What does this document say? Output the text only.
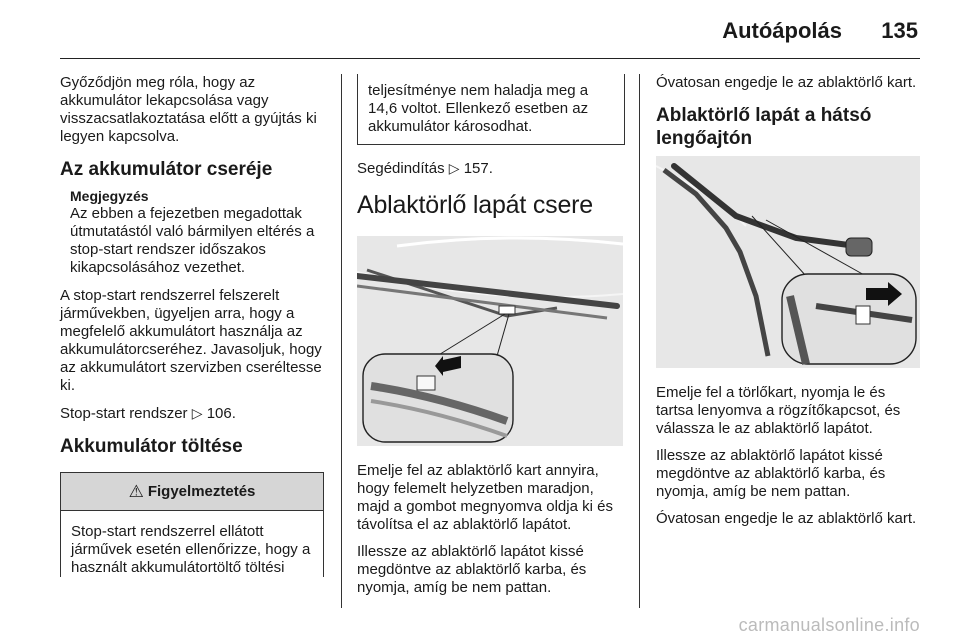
Autóápolás 135

Győződjön meg róla, hogy az akkumulátor lekapcsolása vagy visszacsatlakoztatása előtt a gyújtás ki legyen kapcsolva.

Az akkumulátor cseréje
Megjegyzés

Az ebben a fejezetben megadottak útmutatástól való bármilyen eltérés a stop-start rendszer időszakos kikapcsolásához vezethet.

A stop-start rendszerrel felszerelt járművekben, ügyeljen arra, hogy a megfelelő akkumulátort használja az akkumulátorcseréhez. Javasoljuk, hogy az akkumulátort szervizben cseréltesse ki.

Stop-start rendszer ▷ 106.

Akkumulátor töltése
⚠ Figyelmeztetés

Stop-start rendszerrel ellátott járművek esetén ellenőrizze, hogy a használt akkumulátortöltő töltési

teljesítménye nem haladja meg a 14,6 voltot. Ellenkező esetben az akkumulátor károsodhat.

Segédindítás ▷ 157.

Ablaktörlő lapát csere

Emelje fel az ablaktörlő kart annyira, hogy felemelt helyzetben maradjon, majd a gombot megnyomva oldja ki és távolítsa el az ablaktörlő lapátot.

Illessze az ablaktörlő lapátot kissé megdöntve az ablaktörlő karba, és nyomja, amíg be nem pattan.

Óvatosan engedje le az ablaktörlő kart.

Ablaktörlő lapát a hátsó lengőajtón

Emelje fel a törlőkart, nyomja le és tartsa lenyomva a rögzítőkapcsot, és válassza le az ablaktörlő lapátot.

Illessze az ablaktörlő lapátot kissé megdöntve az ablaktörlő karba, és nyomja, amíg be nem pattan.

Óvatosan engedje le az ablaktörlő kart.

carmanualsonline.info
